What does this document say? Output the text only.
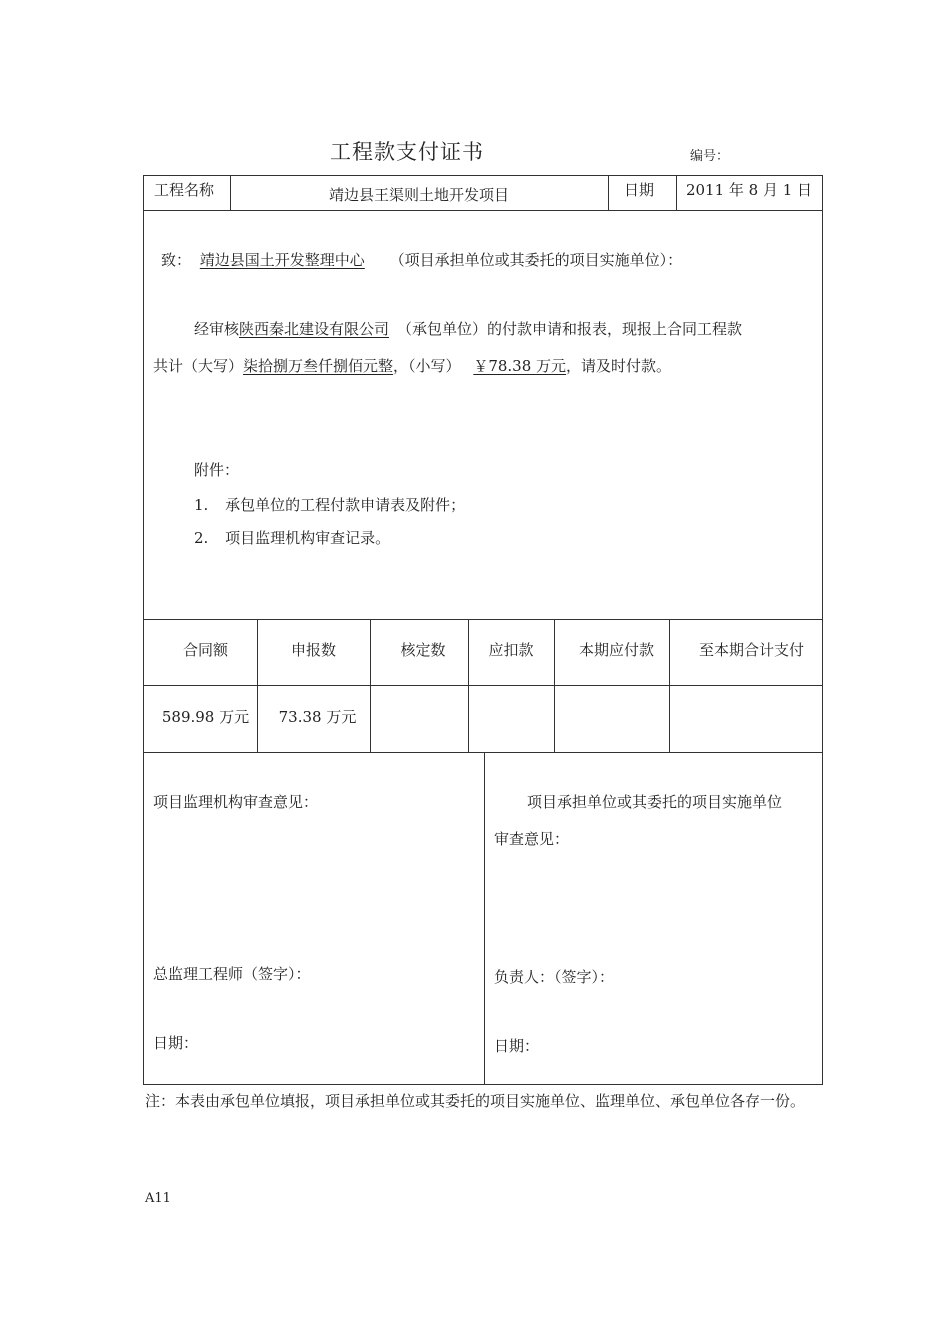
工程款支付证书	编号：
工程名称	靖边县王渠则土地开发项目	日期	2011 年 8 月 1 日
致： 靖边县国土开发整理中心 （项目承担单位或其委托的项目实施单位）：
经审核陕西秦北建设有限公司 （承包单位）的付款申请和报表，现报上合同工程款
共计（大写）柒拾捌万叁仟捌佰元整，（小写） ￥78.38 万元，请及时付款。
附件：
1. 承包单位的工程付款申请表及附件；
2. 项目监理机构审查记录。
合同额	申报数	核定数	应扣款	本期应付款	至本期合计支付
589.98 万元	73.38 万元
项目监理机构审查意见：
总监理工程师（签字）：
日期：
项目承担单位或其委托的项目实施单位
审查意见：
负责人：（签字）：
日期：
注：本表由承包单位填报，项目承担单位或其委托的项目实施单位、监理单位、承包单位各存一份。
A11
